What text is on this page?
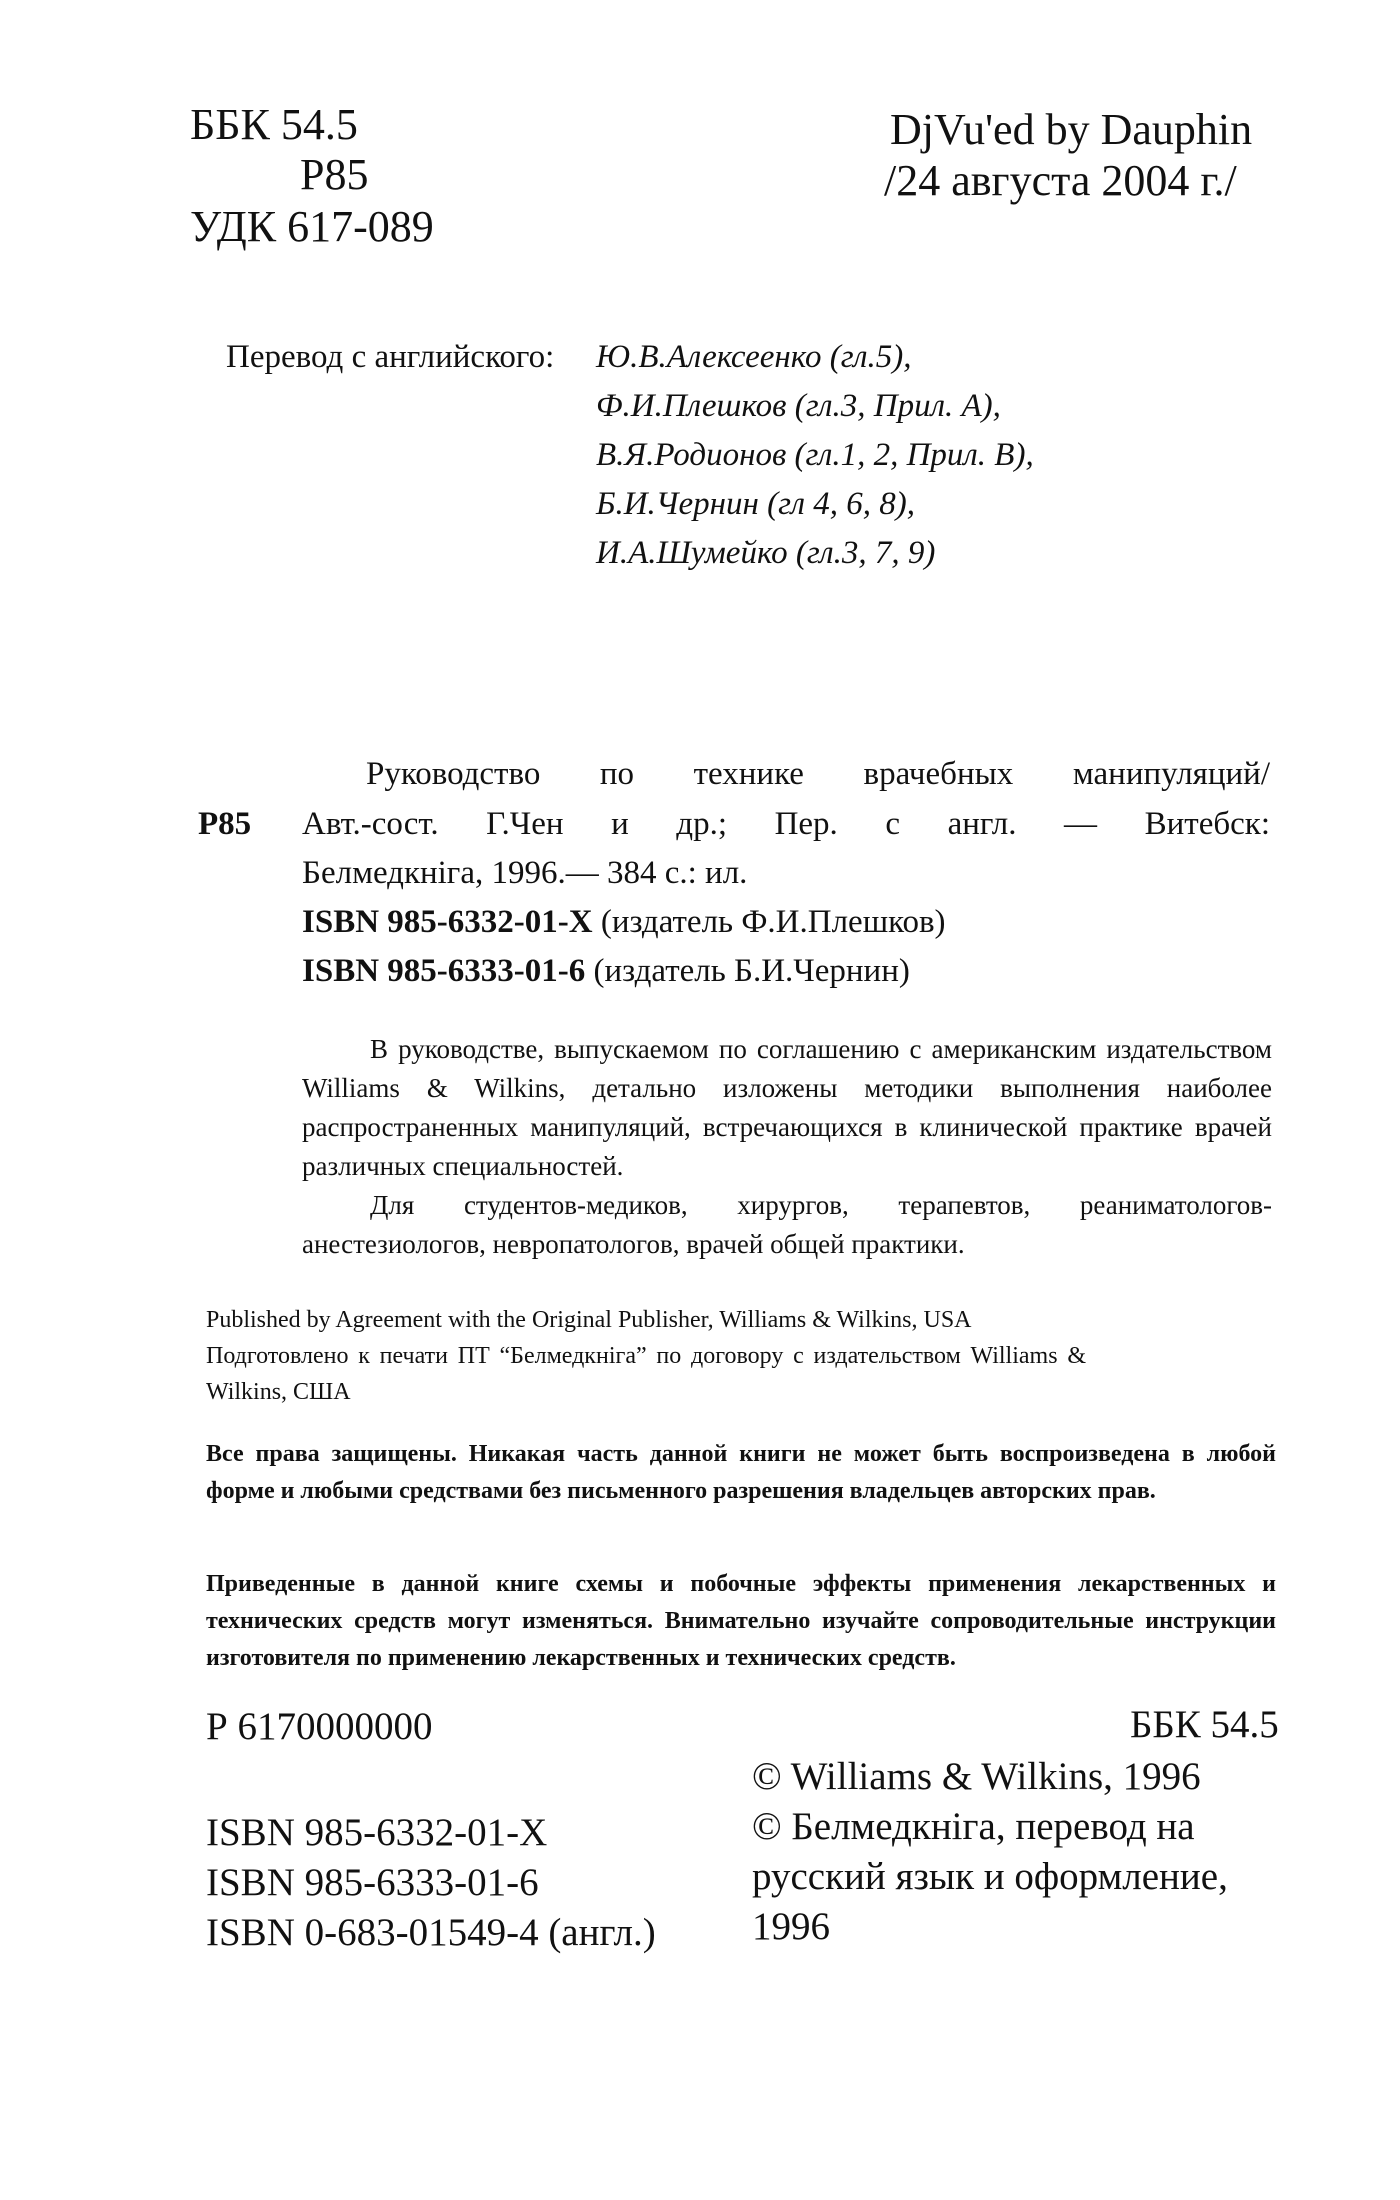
ББК 54.5
Р85
УДК 617-089
DjVu'ed by Dauphin
/24 августа 2004 г./
Перевод с английского: Ю.В.Алексеенко (гл.5),
Ф.И.Плешков (гл.3, Прил. А),
В.Я.Родионов (гл.1, 2, Прил. В),
Б.И.Чернин (гл 4, 6, 8),
И.А.Шумейко (гл.3, 7, 9)
Руководство по технике врачебных манипуляций/
Р85 Авт.-сост. Г.Чен и др.; Пер. с англ. — Витебск:
Белмедкніга, 1996.— 384 с.: ил.
ISBN 985-6332-01-X (издатель Ф.И.Плешков)
ISBN 985-6333-01-6 (издатель Б.И.Чернин)
В руководстве, выпускаемом по соглашению с американским издательством Williams & Wilkins, детально изложены методики выполнения наиболее распространенных манипуляций, встречающихся в клинической практике врачей различных специальностей.
Для студентов-медиков, хирургов, терапевтов, реаниматологов-анестезиологов, невропатологов, врачей общей практики.
Published by Agreement with the Original Publisher, Williams & Wilkins, USA
Подготовлено к печати ПТ “Белмедкніга” по договору с издательством Williams & Wilkins, США
Все права защищены. Никакая часть данной книги не может быть воспроизведена в любой форме и любыми средствами без письменного разрешения владельцев авторских прав.
Приведенные в данной книге схемы и побочные эффекты применения лекарственных и технических средств могут изменяться. Внимательно изучайте сопроводительные инструкции изготовителя по применению лекарственных и технических средств.
Р 6170000000	ББК 54.5
© Williams & Wilkins, 1996
© Белмедкніга, перевод на
русский язык и оформление,
1996
ISBN 985-6332-01-X
ISBN 985-6333-01-6
ISBN 0-683-01549-4 (англ.)
